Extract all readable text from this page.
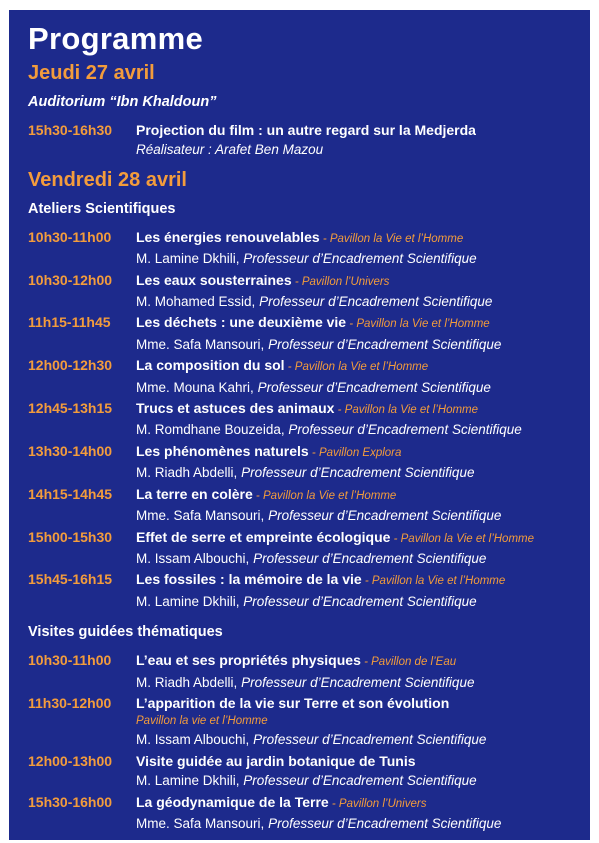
Programme
Jeudi 27 avril
Auditorium “Ibn Khaldoun”
15h30-16h30	Projection du film : un autre regard sur la Medjerda
Réalisateur : Arafet Ben Mazou
Vendredi 28 avril
Ateliers Scientifiques
10h30-11h00	Les énergies renouvelables - Pavillon la Vie et l’Homme
M. Lamine Dkhili, Professeur d’Encadrement Scientifique
10h30-12h00	Les eaux sousterraines - Pavillon l’Univers
M. Mohamed Essid, Professeur d’Encadrement Scientifique
11h15-11h45	Les déchets : une deuxième vie - Pavillon la Vie et l’Homme
Mme. Safa Mansouri, Professeur d’Encadrement Scientifique
12h00-12h30	La composition du sol - Pavillon la Vie et l’Homme
Mme. Mouna Kahri, Professeur d’Encadrement Scientifique
12h45-13h15	Trucs et astuces des animaux - Pavillon la Vie et l’Homme
M. Romdhane Bouzeida, Professeur d’Encadrement Scientifique
13h30-14h00	Les phénomènes naturels - Pavillon Explora
M. Riadh Abdelli, Professeur d’Encadrement Scientifique
14h15-14h45	La terre en colère - Pavillon la Vie et l’Homme
Mme. Safa Mansouri, Professeur d’Encadrement Scientifique
15h00-15h30	Effet de serre et empreinte écologique - Pavillon la Vie et l’Homme
M. Issam Albouchi, Professeur d’Encadrement Scientifique
15h45-16h15	Les fossiles : la mémoire de la vie - Pavillon la Vie et l’Homme
M. Lamine Dkhili, Professeur d’Encadrement Scientifique
Visites guidées thématiques
10h30-11h00	L’eau et ses propriétés physiques - Pavillon de l’Eau
M. Riadh Abdelli, Professeur d’Encadrement Scientifique
11h30-12h00	L’apparition de la vie sur Terre et son évolution
Pavillon la vie et l’Homme
M. Issam Albouchi, Professeur d’Encadrement Scientifique
12h00-13h00	Visite guidée au jardin botanique de Tunis
M. Lamine Dkhili, Professeur d’Encadrement Scientifique
15h30-16h00	La géodynamique de la Terre - Pavillon l’Univers
Mme. Safa Mansouri, Professeur d’Encadrement Scientifique
